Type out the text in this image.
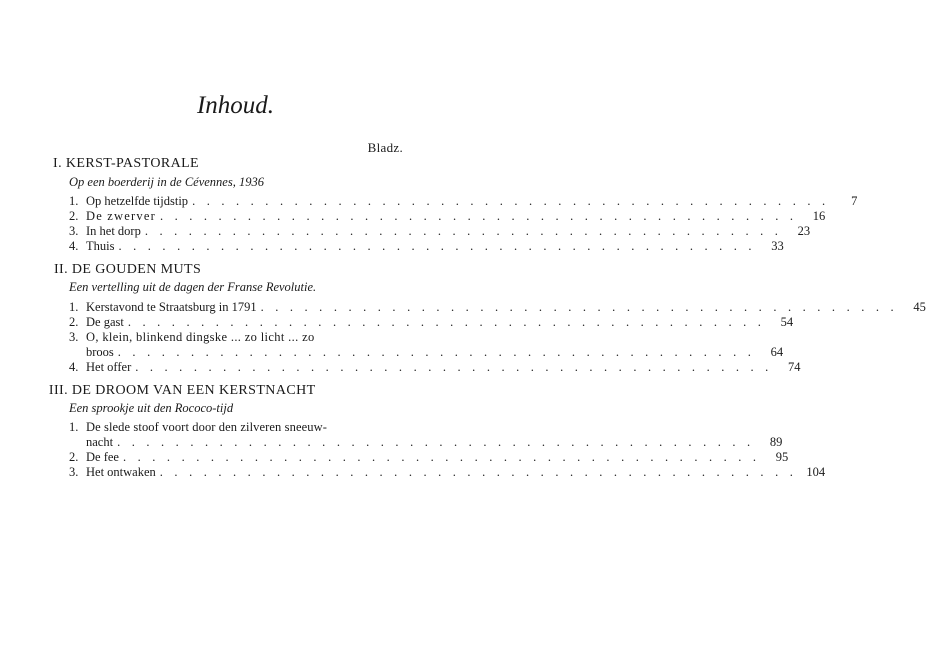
Inhoud.
Bladz.
I. KERST-PASTORALE
Op een boerderij in de Cévennes, 1936
1. Op hetzelfde tijdstip . . . . . . . . . . . . . . . . . . . . . . . . . . . . . . . . . . . . . . . . . . . .	7
2. De zwerver . . . . . . . . . . . . . . . . . . . . . . . . . . . . . . . . . . . . . . . . . . . .	16
3. In het dorp . . . . . . . . . . . . . . . . . . . . . . . . . . . . . . . . . . . . . . . . . . . .	23
4. Thuis . . . . . . . . . . . . . . . . . . . . . . . . . . . . . . . . . . . . . . . . . . . .	33
II. DE GOUDEN MUTS
Een vertelling uit de dagen der Franse Revolutie.
1. Kerstavond te Straatsburg in 1791 . . . . . . . . . . . . . . . . . . . . . . . . . . . . . . . . . . . . . . . . . . . .	45
2. De gast . . . . . . . . . . . . . . . . . . . . . . . . . . . . . . . . . . . . . . . . . . . .	54
3. O, klein, blinkend dingske ... zo licht ... zo
broos . . . . . . . . . . . . . . . . . . . . . . . . . . . . . . . . . . . . . . . . . . . .	64
4. Het offer . . . . . . . . . . . . . . . . . . . . . . . . . . . . . . . . . . . . . . . . . . . .	74
III. DE DROOM VAN EEN KERSTNACHT
Een sprookje uit den Rococo-tijd
1. De slede stoof voort door den zilveren sneeuw-
nacht . . . . . . . . . . . . . . . . . . . . . . . . . . . . . . . . . . . . . . . . . . . .	89
2. De fee . . . . . . . . . . . . . . . . . . . . . . . . . . . . . . . . . . . . . . . . . . . .	95
3. Het ontwaken . . . . . . . . . . . . . . . . . . . . . . . . . . . . . . . . . . . . . . . . . . . . 104
